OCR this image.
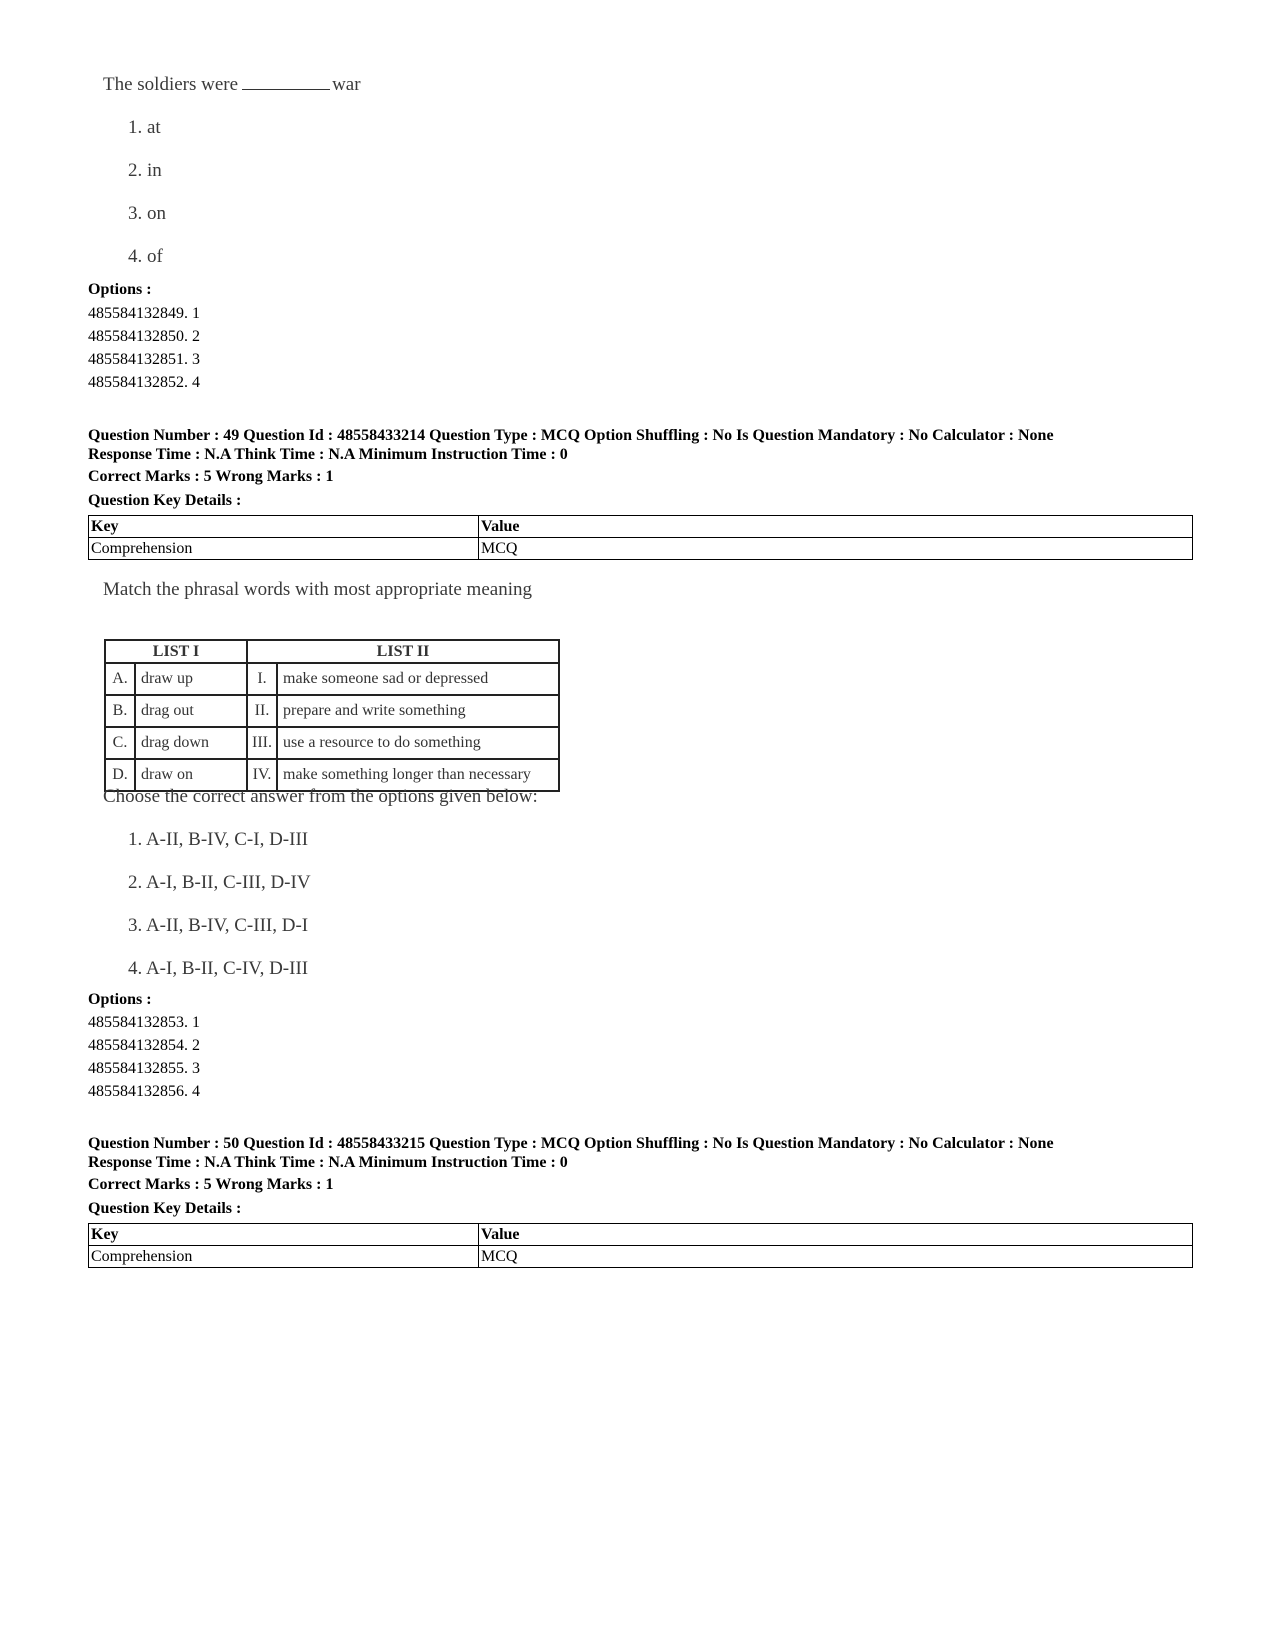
The soldiers were	war
1. at
2. in
3. on
4. of
Options :
485584132849. 1
485584132850. 2
485584132851. 3
485584132852. 4
Question Number : 49 Question Id : 48558433214 Question Type : MCQ Option Shuffling : No Is Question Mandatory : No Calculator : None
Response Time : N.A Think Time : N.A Minimum Instruction Time : 0
Correct Marks : 5 Wrong Marks : 1
Question Key Details :
Key	Value
Comprehension	MCQ
Match the phrasal words with most appropriate meaning
LIST I		LIST II	
A.	draw up	I.	make someone sad or depressed
B.	drag out	II.	prepare and write something
C.	drag down	III.	use a resource to do something
D.	draw on	IV.	make something longer than necessary
Choose the correct answer from the options given below:
1. A-II, B-IV, C-I, D-III
2. A-I, B-II, C-III, D-IV
3. A-II, B-IV, C-III, D-I
4. A-I, B-II, C-IV, D-III
Options :
485584132853. 1
485584132854. 2
485584132855. 3
485584132856. 4
Question Number : 50 Question Id : 48558433215 Question Type : MCQ Option Shuffling : No Is Question Mandatory : No Calculator : None
Response Time : N.A Think Time : N.A Minimum Instruction Time : 0
Correct Marks : 5 Wrong Marks : 1
Question Key Details :
Key	Value
Comprehension	MCQ
